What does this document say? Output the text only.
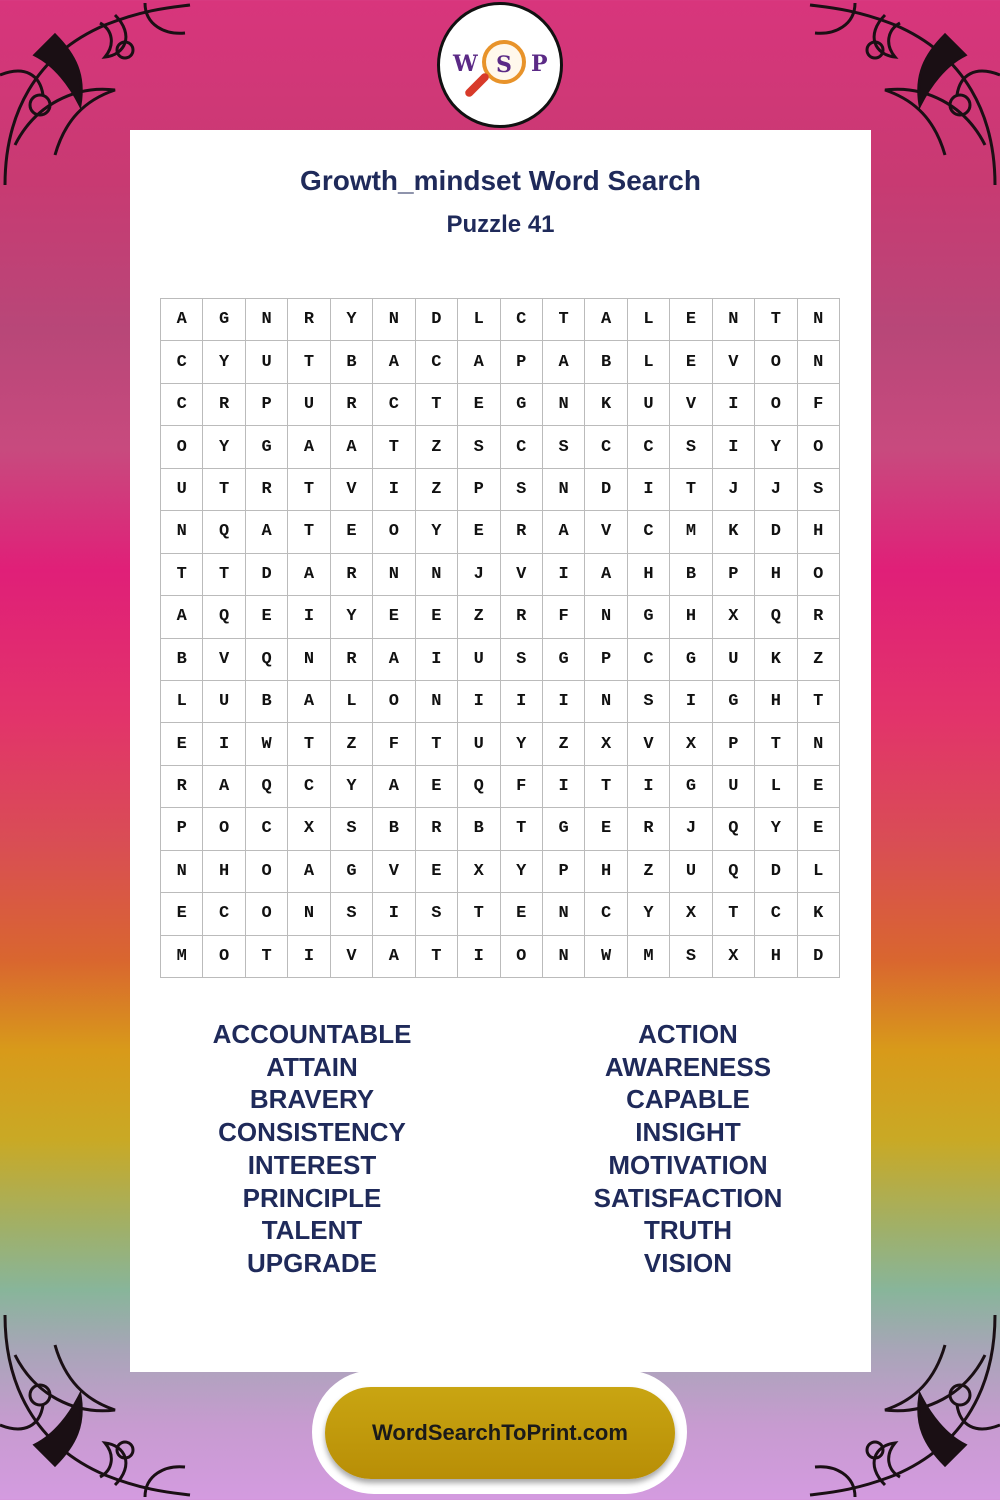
W S P
Growth_mindset Word Search
Puzzle 41
A	G	N	R	Y	N	D	L	C	T	A	L	E	N	T	N
C	Y	U	T	B	A	C	A	P	A	B	L	E	V	O	N
C	R	P	U	R	C	T	E	G	N	K	U	V	I	O	F
O	Y	G	A	A	T	Z	S	C	S	C	C	S	I	Y	O
U	T	R	T	V	I	Z	P	S	N	D	I	T	J	J	S
N	Q	A	T	E	O	Y	E	R	A	V	C	M	K	D	H
T	T	D	A	R	N	N	J	V	I	A	H	B	P	H	O
A	Q	E	I	Y	E	E	Z	R	F	N	G	H	X	Q	R
B	V	Q	N	R	A	I	U	S	G	P	C	G	U	K	Z
L	U	B	A	L	O	N	I	I	I	N	S	I	G	H	T
E	I	W	T	Z	F	T	U	Y	Z	X	V	X	P	T	N
R	A	Q	C	Y	A	E	Q	F	I	T	I	G	U	L	E
P	O	C	X	S	B	R	B	T	G	E	R	J	Q	Y	E
N	H	O	A	G	V	E	X	Y	P	H	Z	U	Q	D	L
E	C	O	N	S	I	S	T	E	N	C	Y	X	T	C	K
M	O	T	I	V	A	T	I	O	N	W	M	S	X	H	D
ACCOUNTABLE
ATTAIN
BRAVERY
CONSISTENCY
INTEREST
PRINCIPLE
TALENT
UPGRADE
ACTION
AWARENESS
CAPABLE
INSIGHT
MOTIVATION
SATISFACTION
TRUTH
VISION
WordSearchToPrint.com
